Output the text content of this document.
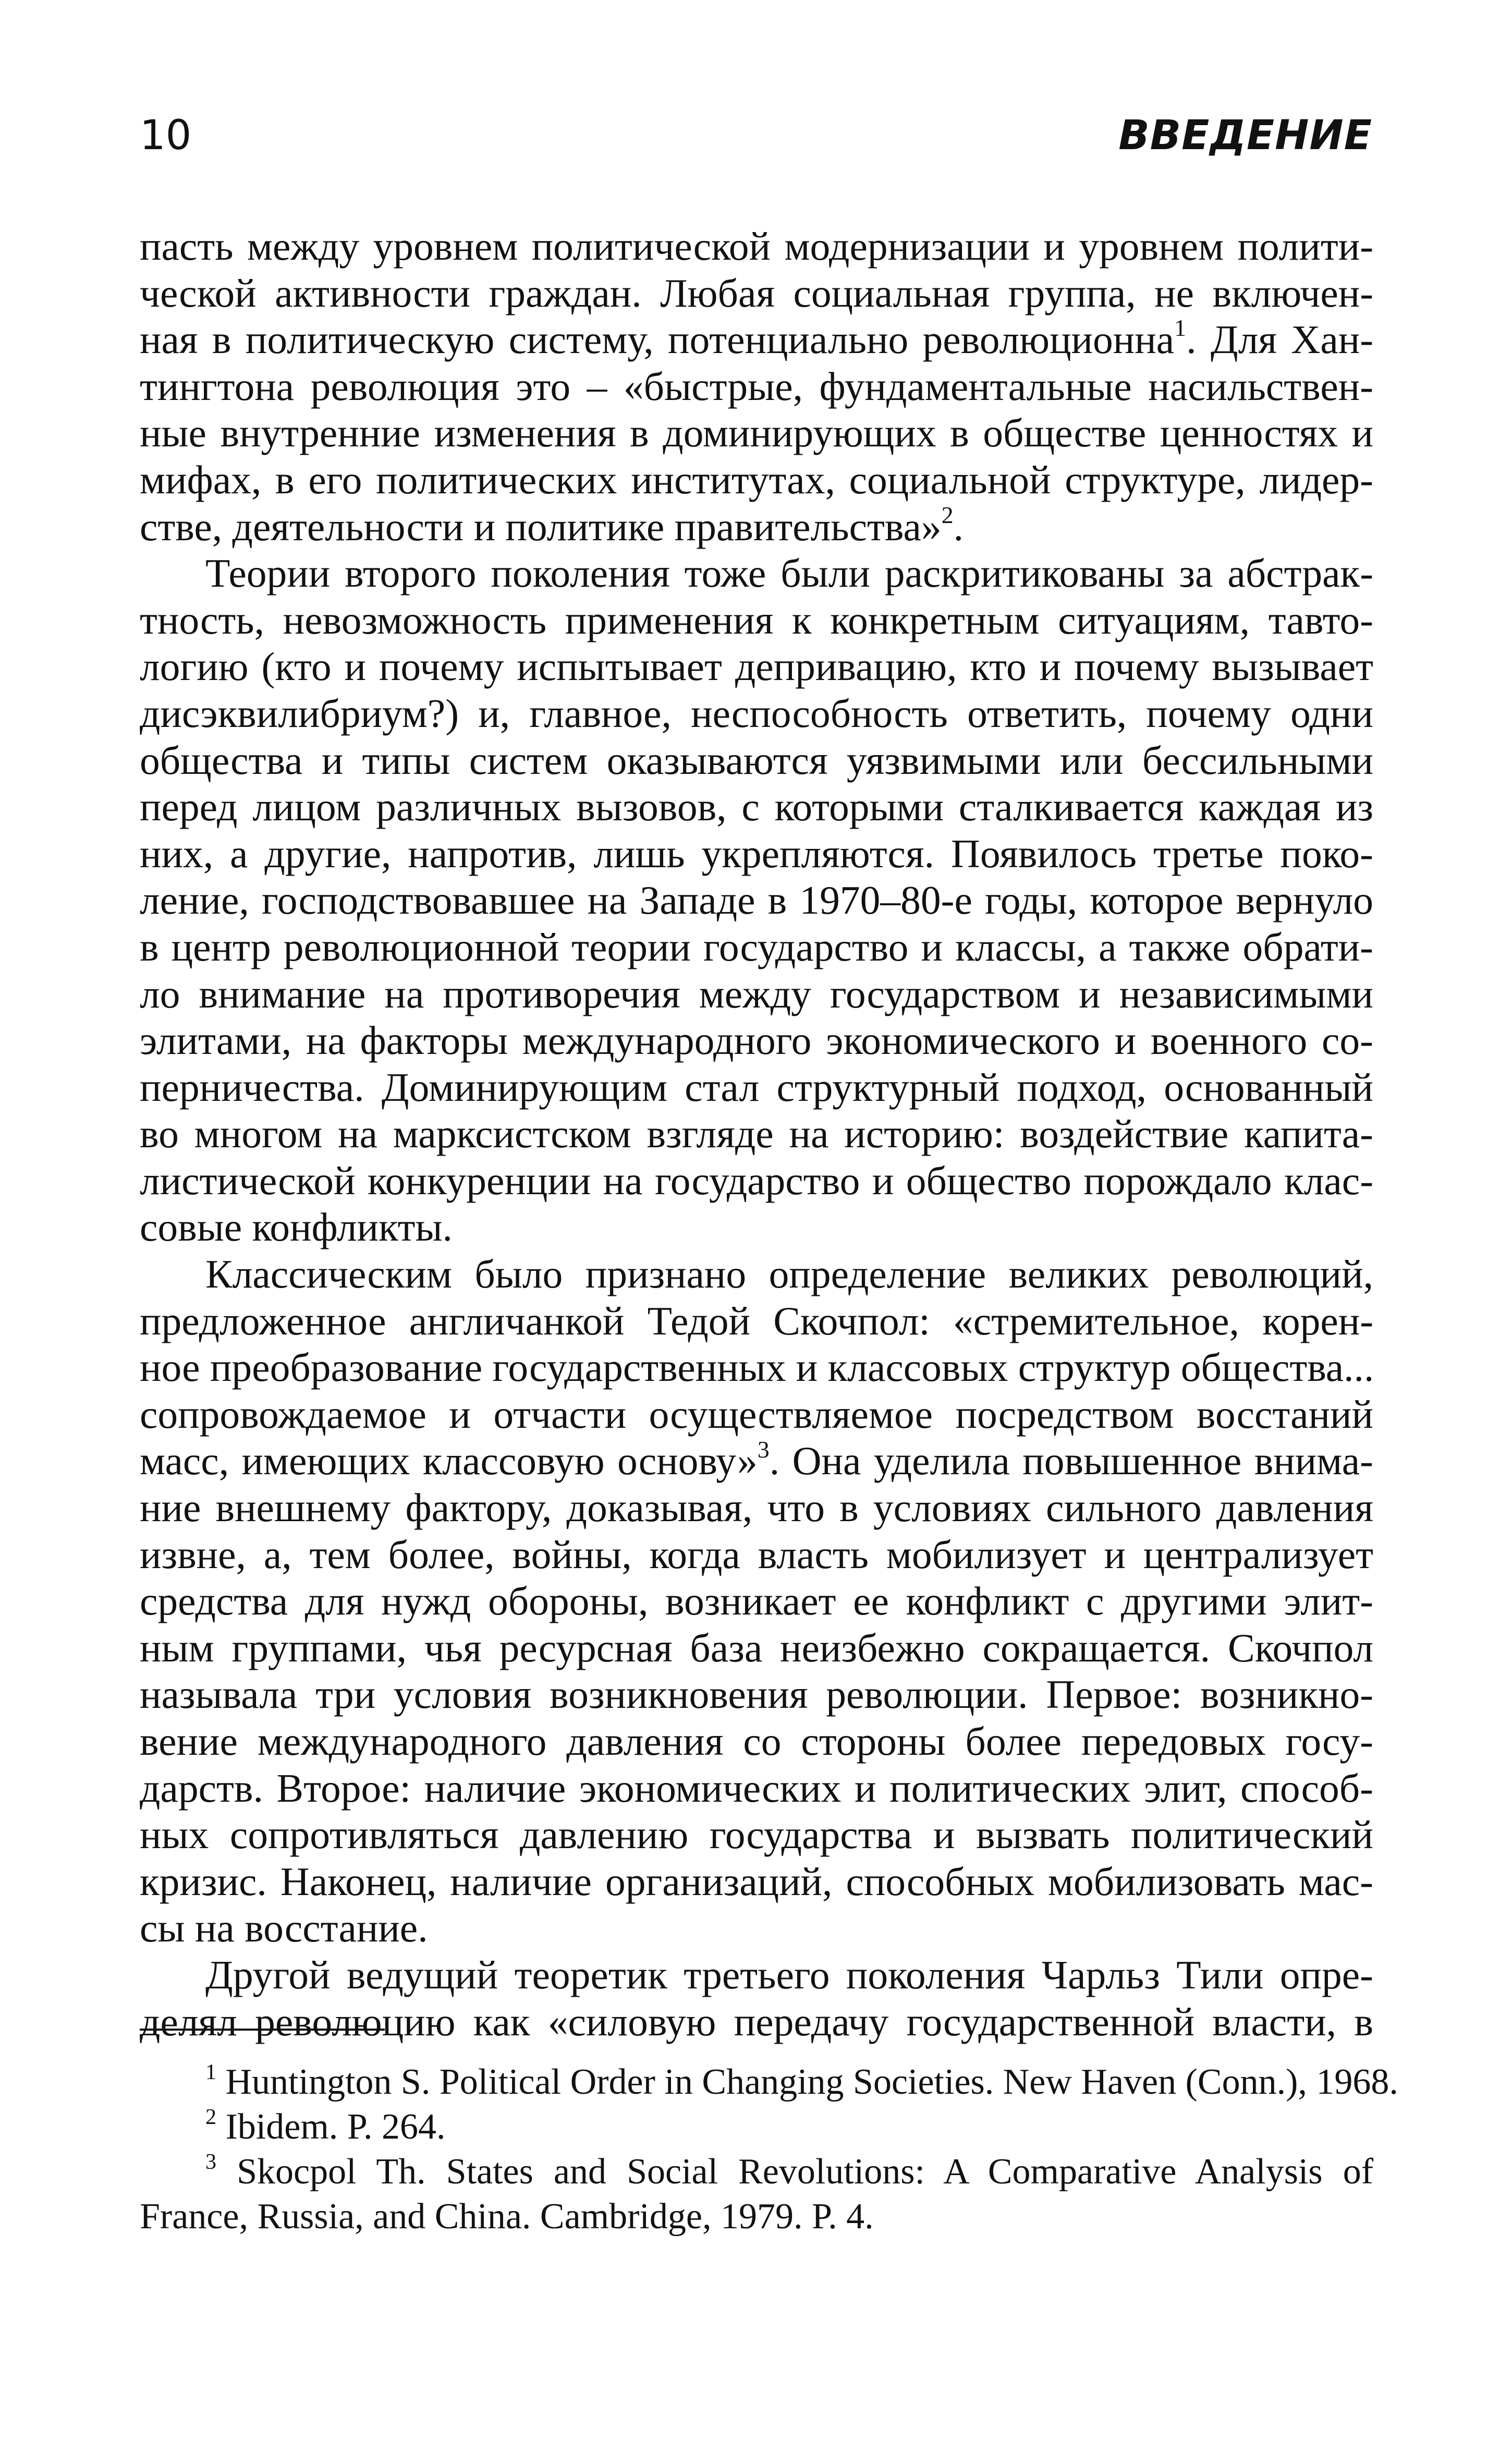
10	ВВЕДЕНИЕ
пасть между уровнем политической модернизации и уровнем полити-
ческой активности граждан. Любая социальная группа, не включен-
ная в политическую систему, потенциально революционна$^1$. Для Хан-
тингтона революция это – «быстрые, фундаментальные насильствен-
ные внутренние изменения в доминирующих в обществе ценностях и
мифах, в его политических институтах, социальной структуре, лидер-
стве, деятельности и политике правительства»$^2$.
Теории второго поколения тоже были раскритикованы за абстрак-
тность, невозможность применения к конкретным ситуациям, тавто-
логию (кто и почему испытывает депривацию, кто и почему вызывает
дисэквилибриум?) и, главное, неспособность ответить, почему одни
общества и типы систем оказываются уязвимыми или бессильными
перед лицом различных вызовов, с которыми сталкивается каждая из
них, а другие, напротив, лишь укрепляются. Появилось третье поко-
ление, господствовавшее на Западе в 1970–80-е годы, которое вернуло
в центр революционной теории государство и классы, а также обрати-
ло внимание на противоречия между государством и независимыми
элитами, на факторы международного экономического и военного со-
перничества. Доминирующим стал структурный подход, основанный
во многом на марксистском взгляде на историю: воздействие капита-
листической конкуренции на государство и общество порождало клас-
совые конфликты.
Классическим было признано определение великих революций,
предложенное англичанкой Тедой Скочпол: «стремительное, корен-
ное преобразование государственных и классовых структур общества...
сопровождаемое и отчасти осуществляемое посредством восстаний
масс, имеющих классовую основу»$^3$. Она уделила повышенное внима-
ние внешнему фактору, доказывая, что в условиях сильного давления
извне, а, тем более, войны, когда власть мобилизует и централизует
средства для нужд обороны, возникает ее конфликт с другими элит-
ным группами, чья ресурсная база неизбежно сокращается. Скочпол
называла три условия возникновения революции. Первое: возникно-
вение международного давления со стороны более передовых госу-
дарств. Второе: наличие экономических и политических элит, способ-
ных сопротивляться давлению государства и вызвать политический
кризис. Наконец, наличие организаций, способных мобилизовать мас-
сы на восстание.
Другой ведущий теоретик третьего поколения Чарльз Тили опре-
делял революцию как «силовую передачу государственной власти, в
$^1$ Huntington S. Political Order in Changing Societies. New Haven (Conn.), 1968.
$^2$ Ibidem. P. 264.
$^3$ Skocpol Th. States and Social Revolutions: A Comparative Analysis of
France, Russia, and China. Cambridge, 1979. P. 4.
